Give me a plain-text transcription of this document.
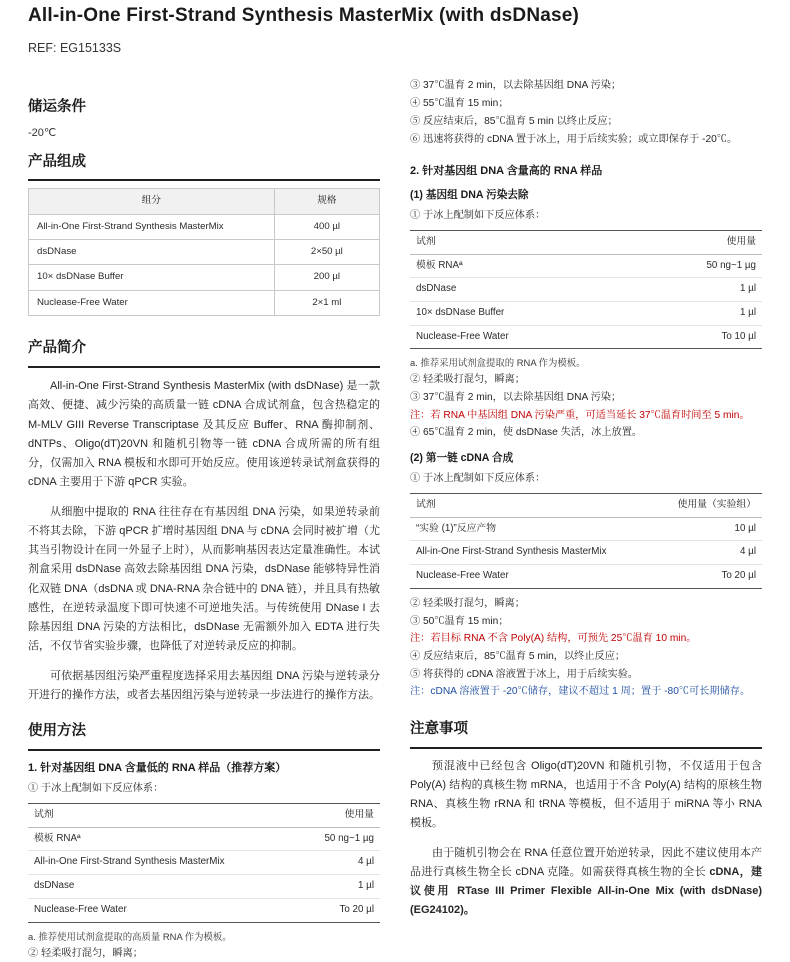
All-in-One First-Strand Synthesis MasterMix (with dsDNase)
REF: EG15133S
储运条件
-20℃
产品组成
组分	规格
All-in-One First-Strand Synthesis MasterMix	400 µl
dsDNase	2×50 µl
10× dsDNase Buffer	200 µl
Nuclease-Free Water	2×1 ml
产品简介

All-in-One First-Strand Synthesis MasterMix (with dsDNase) 是一款高效、便捷、减少污染的高质量一链 cDNA 合成试剂盒，包含热稳定的 M-MLV GIII Reverse Transcriptase 及其反应 Buffer、RNA 酶抑制剂、dNTPs、Oligo(dT)20VN 和随机引物等一链 cDNA 合成所需的所有组分，仅需加入 RNA 模板和水即可开始反应。使用该逆转录试剂盒获得的 cDNA 主要用于下游 qPCR 实验。

从细胞中提取的 RNA 往往存在有基因组 DNA 污染，如果逆转录前不将其去除，下游 qPCR 扩增时基因组 DNA 与 cDNA 会同时被扩增（尤其当引物设计在同一外显子上时），从而影响基因表达定量准确性。本试剂盒采用 dsDNase 高效去除基因组 DNA 污染，dsDNase 能够特异性消化双链 DNA（dsDNA 或 DNA-RNA 杂合链中的 DNA 链），并且具有热敏感性，在逆转录温度下即可快速不可逆地失活。与传统使用 DNase I 去除基因组 DNA 污染的方法相比，dsDNase 无需额外加入 EDTA 进行失活，不仅节省实验步骤，也降低了对逆转录反应的抑制。

可依据基因组污染严重程度选择采用去基因组 DNA 污染与逆转录分开进行的操作方法，或者去基因组污染与逆转录一步法进行的操作方法。

使用方法
1. 针对基因组 DNA 含量低的 RNA 样品（推荐方案）
① 于冰上配制如下反应体系：
试剂	使用量
模板 RNAª	50 ng~1 µg
All-in-One First-Strand Synthesis MasterMix	4 µl
dsDNase	1 µl
Nuclease-Free Water	To 20 µl
a. 推荐使用试剂盒提取的高质量 RNA 作为模板。
② 轻柔吸打混匀，瞬离；
③ 37℃温育 2 min，以去除基因组 DNA 污染；
④ 55℃温育 15 min；
⑤ 反应结束后，85℃温育 5 min 以终止反应；
⑥ 迅速将获得的 cDNA 置于冰上，用于后续实验；或立即保存于 -20℃。
2. 针对基因组 DNA 含量高的 RNA 样品
(1) 基因组 DNA 污染去除
① 于冰上配制如下反应体系：
试剂	使用量
模板 RNAª	50 ng~1 µg
dsDNase	1 µl
10× dsDNase Buffer	1 µl
Nuclease-Free Water	To 10 µl
a. 推荐采用试剂盒提取的 RNA 作为模板。
② 轻柔吸打混匀，瞬离；
③ 37℃温育 2 min，以去除基因组 DNA 污染；
注：若 RNA 中基因组 DNA 污染严重，可适当延长 37℃温育时间至 5 min。
④ 65℃温育 2 min，使 dsDNase 失活，冰上放置。
(2) 第一链 cDNA 合成
① 于冰上配制如下反应体系：
试剂	使用量（实验组）
“实验 (1)”反应产物	10 µl
All-in-One First-Strand Synthesis MasterMix	4 µl
Nuclease-Free Water	To 20 µl
② 轻柔吸打混匀，瞬离；
③ 50℃温育 15 min；
注：若目标 RNA 不含 Poly(A) 结构，可预先 25℃温育 10 min。
④ 反应结束后，85℃温育 5 min，以终止反应；
⑤ 将获得的 cDNA 溶液置于冰上，用于后续实验。
注：cDNA 溶液置于 -20℃储存，建议不超过 1 周；置于 -80℃可长期储存。
注意事项

预混液中已经包含 Oligo(dT)20VN 和随机引物，不仅适用于包含 Poly(A) 结构的真核生物 mRNA，也适用于不含 Poly(A) 结构的原核生物 RNA、真核生物 rRNA 和 tRNA 等模板，但不适用于 miRNA 等小 RNA 模板。

由于随机引物会在 RNA 任意位置开始逆转录，因此不建议使用本产品进行真核生物全长 cDNA 克隆。如需获得真核生物的全长 cDNA，建议使用 RTase III Primer Flexible All-in-One Mix (with dsDNase) (EG24102)。
